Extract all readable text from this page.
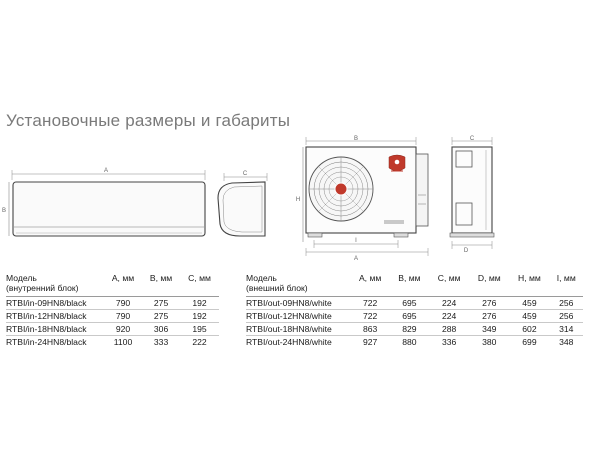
Установочные размеры и габариты
A
B
C
B
H
I
A
C
D
Модель
(внутренний блок)	A, мм	B, мм	C, мм
RTBI/in-09HN8/black	790	275	192
RTBI/in-12HN8/black	790	275	192
RTBI/in-18HN8/black	920	306	195
RTBI/in-24HN8/black	1100	333	222
Модель
(внешний блок)	A, мм	B, мм	C, мм	D, мм	H, мм	I, мм
RTBI/out-09HN8/white	722	695	224	276	459	256
RTBI/out-12HN8/white	722	695	224	276	459	256
RTBI/out-18HN8/white	863	829	288	349	602	314
RTBI/out-24HN8/white	927	880	336	380	699	348
